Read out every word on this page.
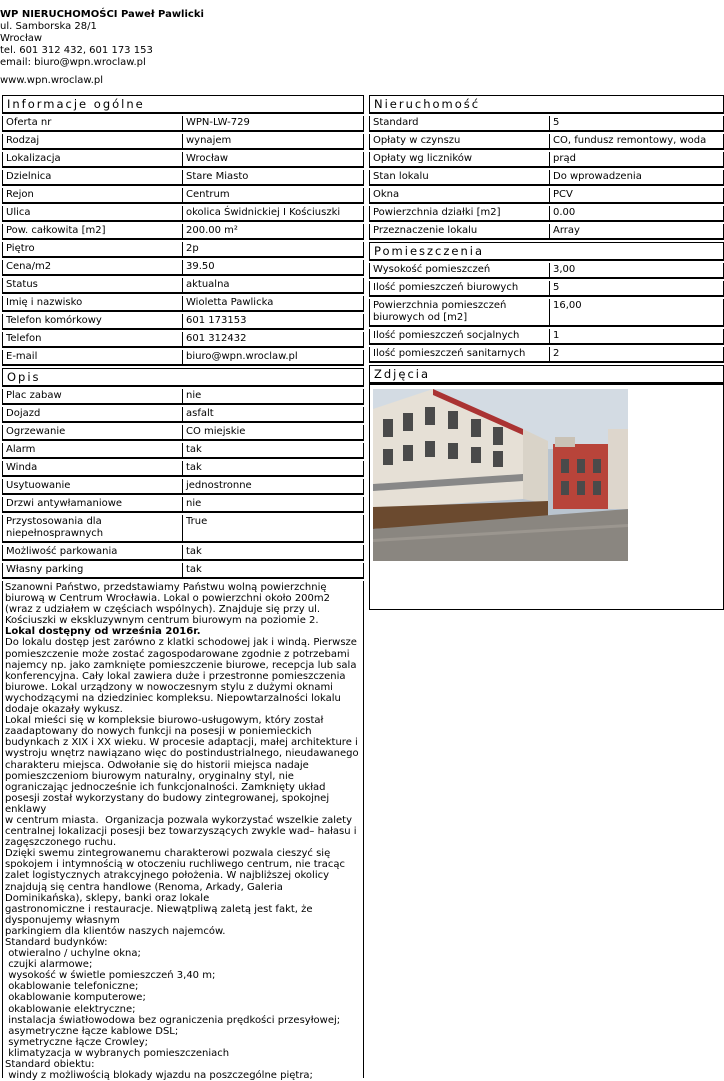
WP NIERUCHOMOŚCI Paweł Pawlicki
ul. Samborska 28/1
Wrocław
tel. 601 312 432, 601 173 153
email: biuro@wpn.wroclaw.pl
www.wpn.wroclaw.pl
Informacje ogólne
Oferta nr	WPN-LW-729
Rodzaj	wynajem
Lokalizacja	Wrocław
Dzielnica	Stare Miasto
Rejon	Centrum
Ulica	okolica Świdnickiej I Kościuszki
Pow. całkowita [m2]	200.00 m²
Piętro	2p
Cena/m2	39.50
Status	aktualna
Imię i nazwisko	Wioletta Pawlicka
Telefon komórkowy	601 173153
Telefon	601 312432
E-mail	biuro@wpn.wroclaw.pl
Opis
Plac zabaw	nie
Dojazd	asfalt
Ogrzewanie	CO miejskie
Alarm	tak
Winda	tak
Usytuowanie	jednostronne
Drzwi antywłamaniowe	nie
Przystosowania dla niepełnosprawnych	True
Możliwość parkowania	tak
Własny parking	tak

Szanowni Państwo, przedstawiamy Państwu wolną powierzchnię biurową w Centrum Wrocławia. Lokal o powierzchni około 200m2 (wraz z udziałem w częściach wspólnych). Znajduje się przy ul. Kościuszki w ekskluzywnym centrum biurowym na poziomie 2.

Lokal dostępny od września 2016r.

Do lokalu dostęp jest zarówno z klatki schodowej jak i windą. Pierwsze pomieszczenie może zostać zagospodarowane zgodnie z potrzebami najemcy np. jako zamknięte pomieszczenie biurowe, recepcja lub sala konferencyjna. Cały lokal zawiera duże i przestronne pomieszczenia biurowe. Lokal urządzony w nowoczesnym stylu z dużymi oknami wychodzącymi na dziedziniec kompleksu. Niepowtarzalności lokalu dodaje okazały wykusz.

Lokal mieści się w kompleksie biurowo-usługowym, który został zaadaptowany do nowych funkcji na posesji w poniemieckich budynkach z XIX i XX wieku. W procesie adaptacji, małej architekture i wystroju wnętrz nawiązano więc do postindustrialnego, nieudawanego charakteru miejsca. Odwołanie się do historii miejsca nadaje pomieszczeniom biurowym naturalny, oryginalny styl, nie ograniczając jednocześnie ich funkcjonalności. Zamknięty układ posesji został wykorzystany do budowy zintegrowanej, spokojnej enklawy

w centrum miasta.  Organizacja pozwala wykorzystać wszelkie zalety centralnej lokalizacji posesji bez towarzyszących zwykle wad– hałasu i zagęszczonego ruchu.

Dzięki swemu zintegrowanemu charakterowi pozwala cieszyć się spokojem i intymnością w otoczeniu ruchliwego centrum, nie tracąc zalet logistycznych atrakcyjnego położenia. W najbliższej okolicy znajdują się centra handlowe (Renoma, Arkady, Galeria Dominikańska), sklepy, banki oraz lokale

gastronomiczne i restauracje. Niewątpliwą zaletą jest fakt, że dysponujemy własnym

parkingiem dla klientów naszych najemców.

Standard budynków:

otwieralno / uchylne okna;

czujki alarmowe;

wysokość w świetle pomieszczeń 3,40 m;

okablowanie telefoniczne;

okablowanie komputerowe;

okablowanie elektryczne;

instalacja światłowodowa bez ograniczenia prędkości przesyłowej;

asymetryczne łącze kablowe DSL;

symetryczne łącze Crowley;

klimatyzacja w wybranych pomieszczeniach

Standard obiektu:

windy z możliwością blokady wjazdu na poszczególne piętra;

Nieruchomość
Standard	5
Opłaty w czynszu	CO, fundusz remontowy, woda
Opłaty wg liczników	prąd
Stan lokalu	Do wprowadzenia
Okna	PCV
Powierzchnia działki [m2]	0.00
Przeznaczenie lokalu	Array
Pomieszczenia
Wysokość pomieszczeń	3,00
Ilość pomieszczeń biurowych	5
Powierzchnia pomieszczeń biurowych od [m2]	16,00
Ilość pomieszczeń socjalnych	1
Ilość pomieszczeń sanitarnych	2
Zdjęcia
